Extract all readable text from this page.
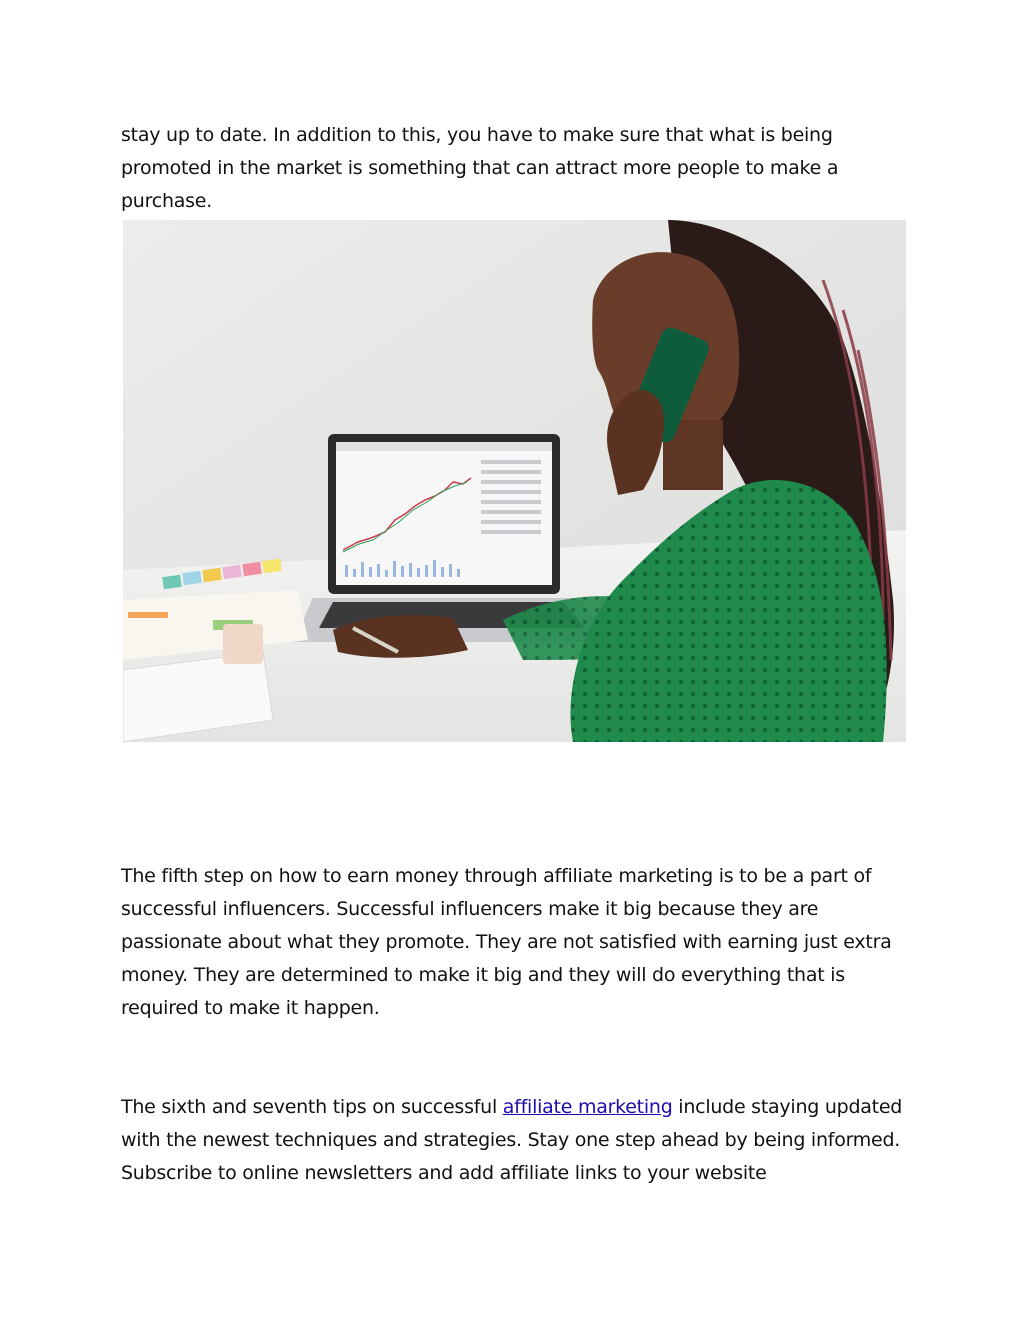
stay up to date. In addition to this, you have to make sure that what is being promoted in the market is something that can attract more people to make a purchase.

The fifth step on how to earn money through affiliate marketing is to be a part of successful influencers. Successful influencers make it big because they are passionate about what they promote. They are not satisfied with earning just extra money. They are determined to make it big and they will do everything that is required to make it happen.

The sixth and seventh tips on successful affiliate marketing include staying updated with the newest techniques and strategies. Stay one step ahead by being informed. Subscribe to online newsletters and add affiliate links to your website
